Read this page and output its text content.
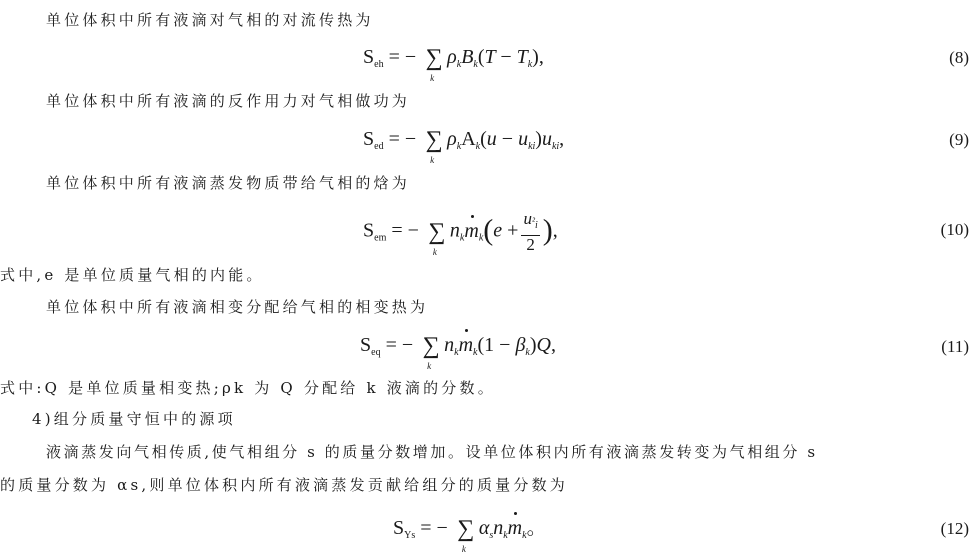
单位体积中所有液滴对气相的对流传热为
$S_{eh}$ = − ∑
k
$\rho_kB_k(T - T_k)$,	(8)
单位体积中所有液滴的反作用力对气相做功为
$S_{ed}$ = − ∑
k
$\rho_kA_k(u - u_{ki})u_{ki}$,	(9)
单位体积中所有液滴蒸发物质带给气相的焓为
$S_{em}$ = − ∑
k
$n_km_k(e + \frac{u^2_i}{2}$ ),	(10)
式中,e 是单位质量气相的内能。
单位体积中所有液滴相变分配给气相的相变热为
$S_{eq}$ = − ∑
k
$n_km_k(1 - \beta_k)Q$,	(11)
式中:Q 是单位质量相变热;ρk 为 Q 分配给 k 液滴的分数。
4)组分质量守恒中的源项
液滴蒸发向气相传质,使气相组分 s 的质量分数增加。设单位体积内所有液滴蒸发转变为气相组分 s
的质量分数为 αs,则单位体积内所有液滴蒸发贡献给组分的质量分数为
$S_{Ys}$ = − ∑
k
$\alpha_sn_km_k$。	(12)
